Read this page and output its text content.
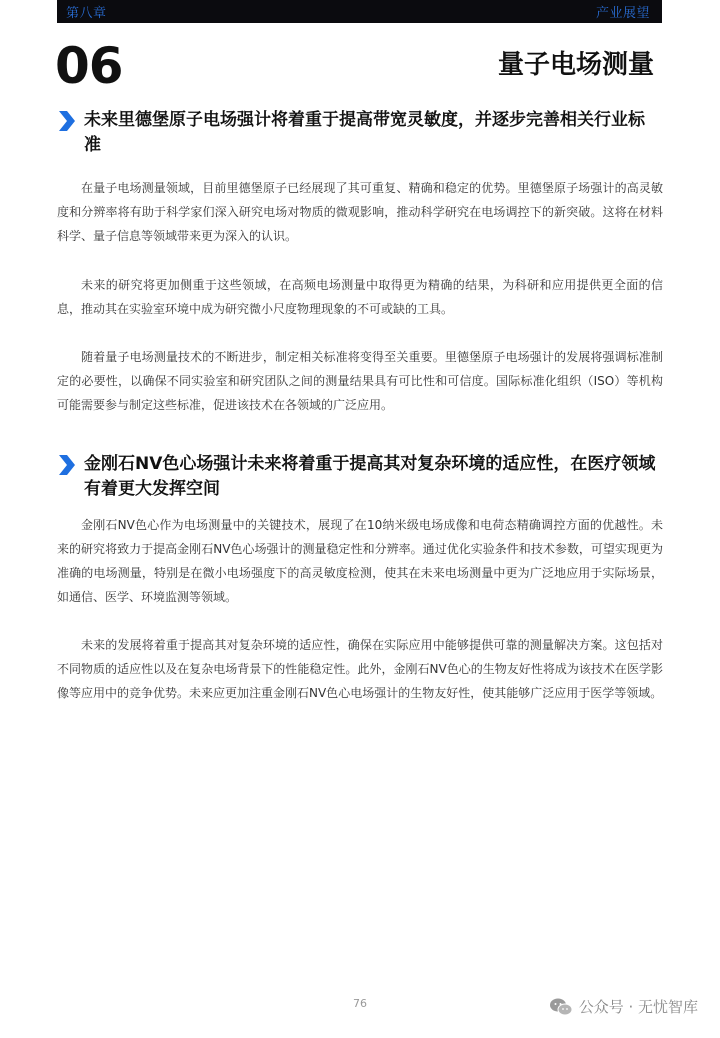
第八章	产业展望
06	量子电场测量
未来里德堡原子电场强计将着重于提高带宽灵敏度，并逐步完善相关行业标准

在量子电场测量领域，目前里德堡原子已经展现了其可重复、精确和稳定的优势。里德堡原子场强计的高灵敏度和分辨率将有助于科学家们深入研究电场对物质的微观影响，推动科学研究在电场调控下的新突破。这将在材料科学、量子信息等领域带来更为深入的认识。

未来的研究将更加侧重于这些领域，在高频电场测量中取得更为精确的结果，为科研和应用提供更全面的信息，推动其在实验室环境中成为研究微小尺度物理现象的不可或缺的工具。

随着量子电场测量技术的不断进步，制定相关标准将变得至关重要。里德堡原子电场强计的发展将强调标准制定的必要性，以确保不同实验室和研究团队之间的测量结果具有可比性和可信度。国际标准化组织（ISO）等机构可能需要参与制定这些标准，促进该技术在各领域的广泛应用。

金刚石NV色心场强计未来将着重于提高其对复杂环境的适应性，在医疗领域有着更大发挥空间

金刚石NV色心作为电场测量中的关键技术，展现了在10纳米级电场成像和电荷态精确调控方面的优越性。未来的研究将致力于提高金刚石NV色心场强计的测量稳定性和分辨率。通过优化实验条件和技术参数，可望实现更为准确的电场测量，特别是在微小电场强度下的高灵敏度检测，使其在未来电场测量中更为广泛地应用于实际场景，如通信、医学、环境监测等领域。

未来的发展将着重于提高其对复杂环境的适应性，确保在实际应用中能够提供可靠的测量解决方案。这包括对不同物质的适应性以及在复杂电场背景下的性能稳定性。此外，金刚石NV色心的生物友好性将成为该技术在医学影像等应用中的竞争优势。未来应更加注重金刚石NV色心电场强计的生物友好性，使其能够广泛应用于医学等领域。

76	公众号 · 无忧智库
